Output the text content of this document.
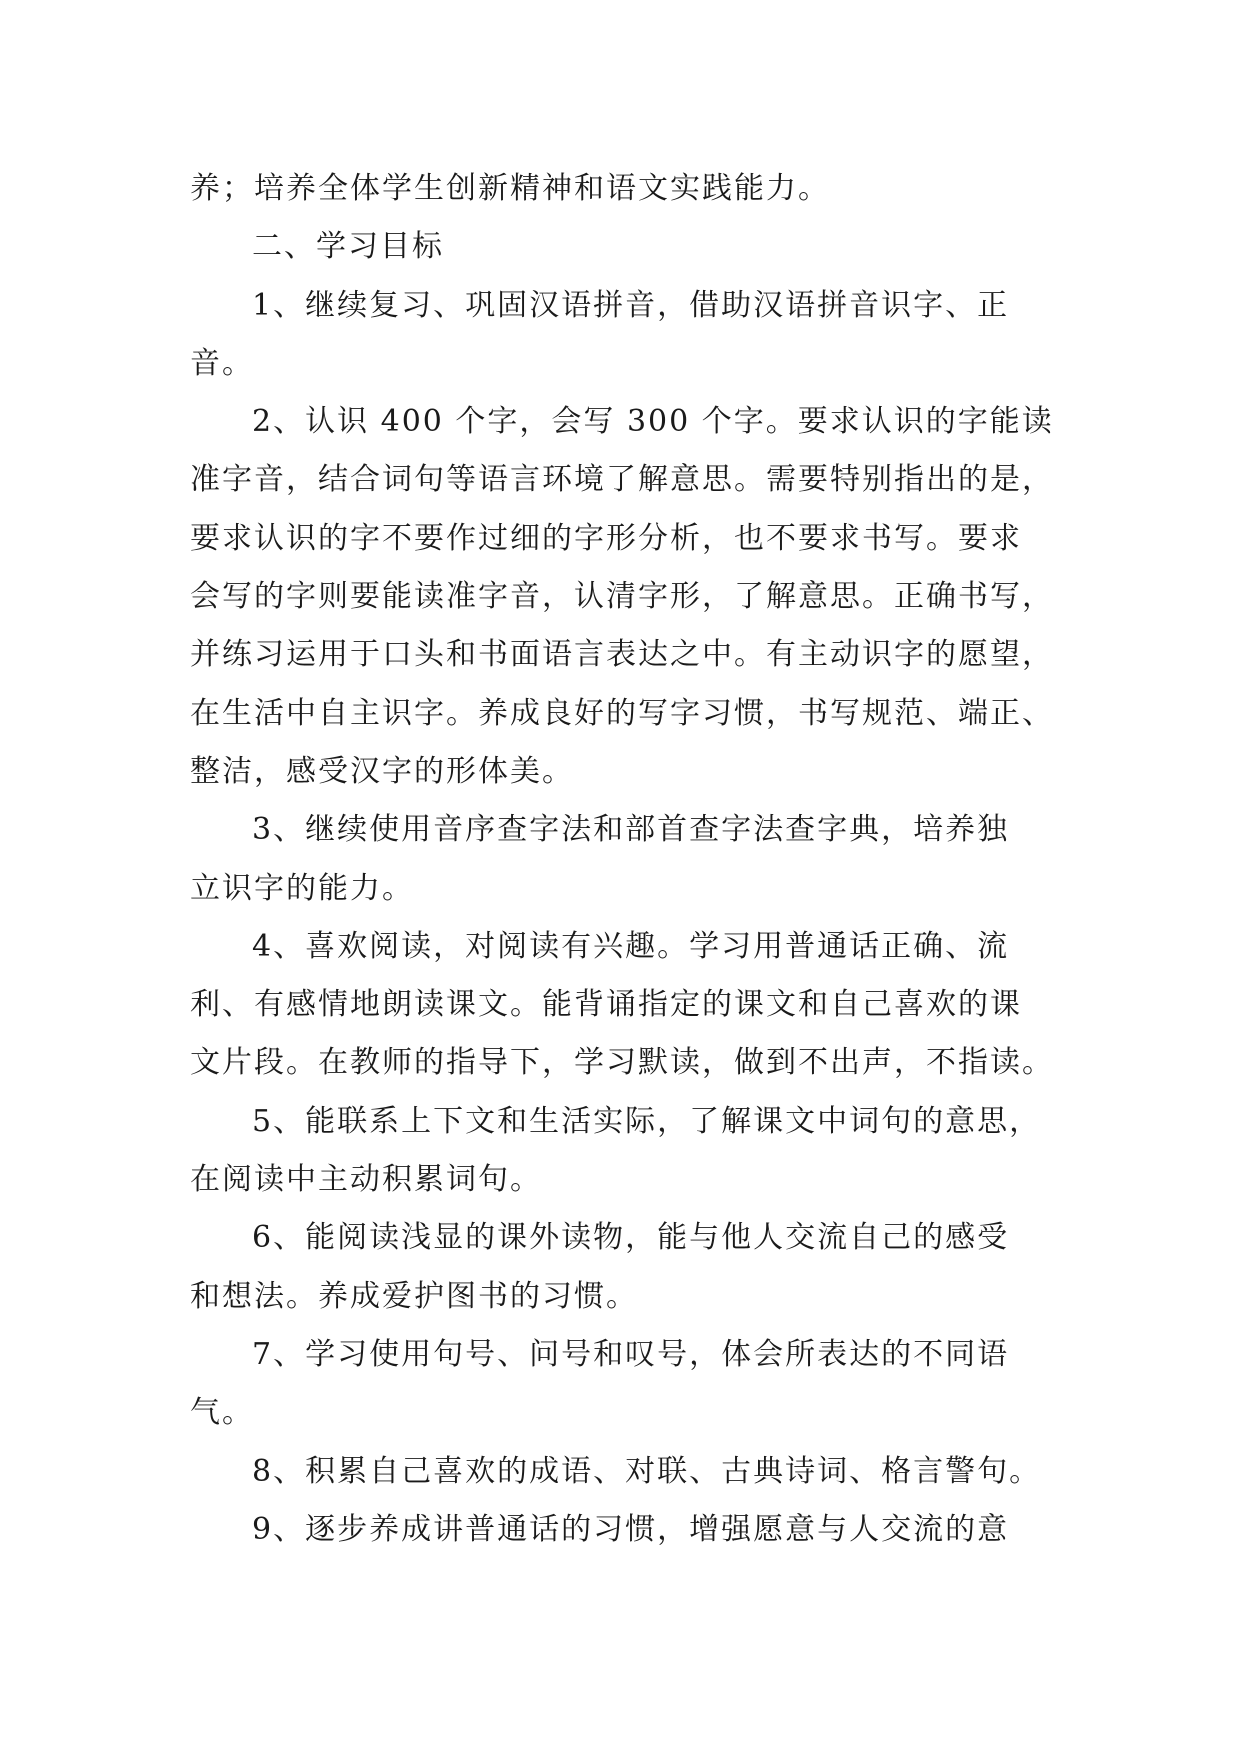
养；培养全体学生创新精神和语文实践能力。
二、学习目标
1、继续复习、巩固汉语拼音，借助汉语拼音识字、正
音。
2、认识 400 个字，会写 300 个字。要求认识的字能读
准字音，结合词句等语言环境了解意思。需要特别指出的是，
要求认识的字不要作过细的字形分析，也不要求书写。要求
会写的字则要能读准字音，认清字形，了解意思。正确书写，
并练习运用于口头和书面语言表达之中。有主动识字的愿望，
在生活中自主识字。养成良好的写字习惯，书写规范、端正、
整洁，感受汉字的形体美。
3、继续使用音序查字法和部首查字法查字典，培养独
立识字的能力。
4、喜欢阅读，对阅读有兴趣。学习用普通话正确、流
利、有感情地朗读课文。能背诵指定的课文和自己喜欢的课
文片段。在教师的指导下，学习默读，做到不出声，不指读。
5、能联系上下文和生活实际，了解课文中词句的意思，
在阅读中主动积累词句。
6、能阅读浅显的课外读物，能与他人交流自己的感受
和想法。养成爱护图书的习惯。
7、学习使用句号、问号和叹号，体会所表达的不同语
气。
8、积累自己喜欢的成语、对联、古典诗词、格言警句。
9、逐步养成讲普通话的习惯，增强愿意与人交流的意
